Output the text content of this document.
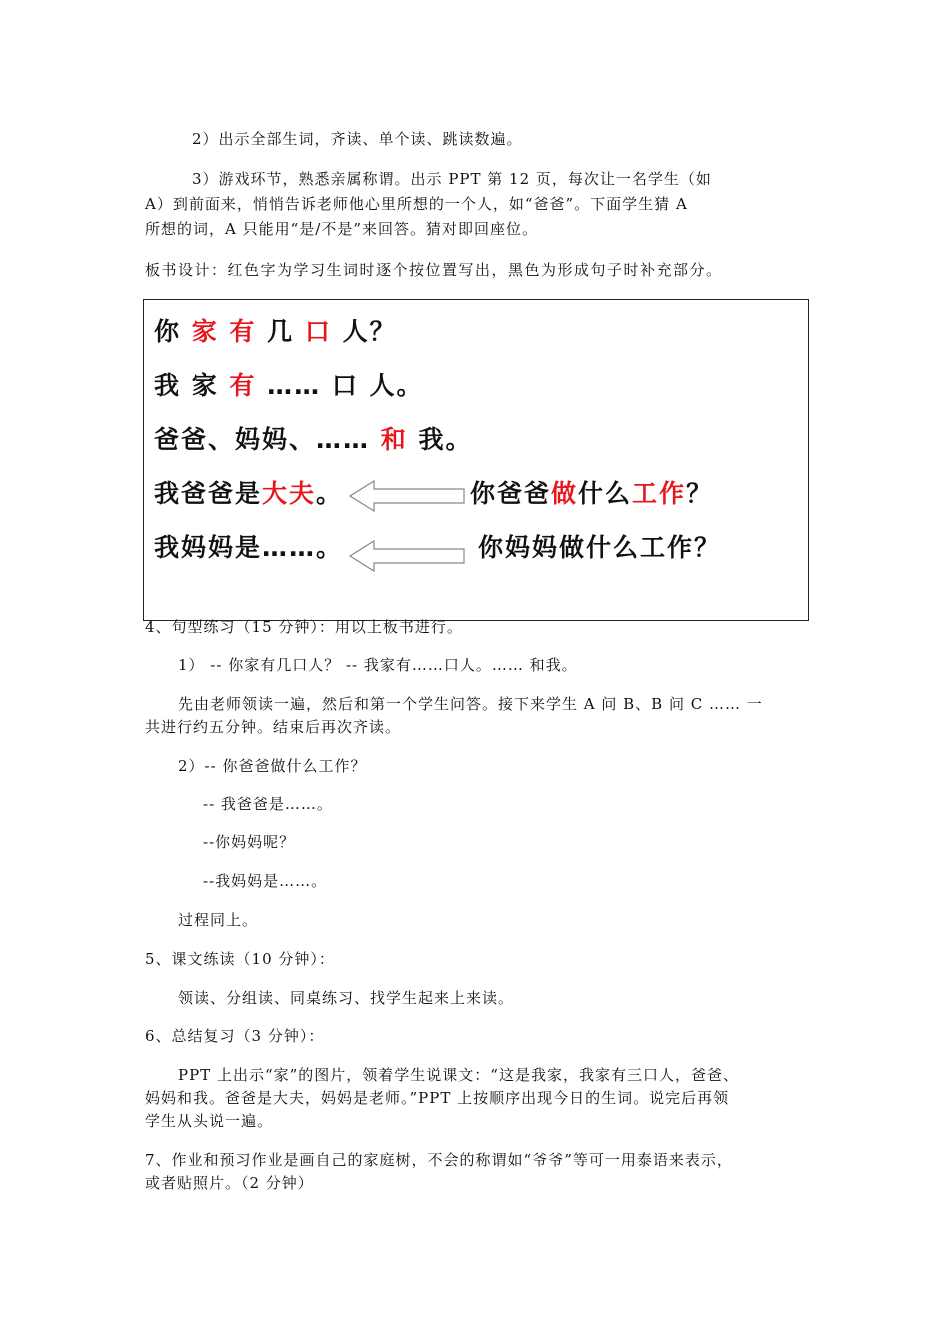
2）出示全部生词，齐读、单个读、跳读数遍。
3）游戏环节，熟悉亲属称谓。出示 PPT 第 12 页，每次让一名学生（如
A）到前面来，悄悄告诉老师他心里所想的一个人，如“爸爸”。下面学生猜 A
所想的词，A 只能用“是/不是”来回答。猜对即回座位。
板书设计：红色字为学习生词时逐个按位置写出，黑色为形成句子时补充部分。
你 家 有 几 口 人？
我 家 有 …… 口 人。
爸爸、妈妈、…… 和 我。
我爸爸是大夫。	你爸爸做什么工作？
我妈妈是……。	你妈妈做什么工作？
4、句型练习（15 分钟）：用以上板书进行。
1） -- 你家有几口人？ -- 我家有……口人。…… 和我。
先由老师领读一遍，然后和第一个学生问答。接下来学生 A 问 B、B 问 C …… 一
共进行约五分钟。结束后再次齐读。
2）-- 你爸爸做什么工作？
-- 我爸爸是……。
--你妈妈呢？
--我妈妈是……。
过程同上。
5、课文练读（10 分钟）：
领读、分组读、同桌练习、找学生起来上来读。
6、总结复习（3 分钟）：
PPT 上出示“家”的图片，领着学生说课文：“这是我家，我家有三口人，爸爸、
妈妈和我。爸爸是大夫，妈妈是老师。”PPT 上按顺序出现今日的生词。说完后再领
学生从头说一遍。
7、作业和预习作业是画自己的家庭树，不会的称谓如“爷爷”等可一用泰语来表示，
或者贴照片。（2 分钟）
